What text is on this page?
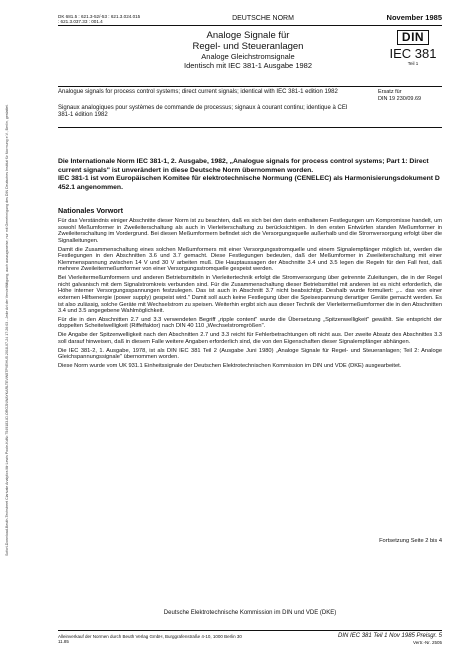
Sofort-Download-Beuth-Techstreet Clarivate Analytics Mr Lewis Poole-KdNr.7549183-ID.ORGZNWAYKARLTEVW8TPVEHU5.2018-07-24 17:26:03 - Jede Art der Vervielfältigung, auch auszugsweise, nur mit Genehmigung des DIN Deutsches Institut für Normung e.V., Berlin, gestattet.
DK 681.5 : 621.3-52/-53 : 621.3.024.015
: 621.3.037.33 : 001.4	DEUTSCHE NORM	November 1985
Analoge Signale für
Regel- und Steueranlagen
Analoge Gleichstromsignale
Identisch mit IEC 381-1 Ausgabe 1982
DIN
IEC 381
Teil 1
Analogue signals for process control systems; direct current signals; identical with IEC 381-1 edition 1982
Signaux analogiques pour systèmes de commande de processus; signaux à courant continu; identique à CEI 381-1 édition 1982
Ersatz für
DIN 19 230/09.69

Die Internationale Norm IEC 381-1, 2. Ausgabe, 1982, „Analogue signals for process control systems; Part 1: Direct current signals" ist unverändert in diese Deutsche Norm übernommen worden.

IEC 381-1 ist vom Europäischen Komitee für elektrotechnische Normung (CENELEC) als Harmonisierungsdokument D 452.1 angenommen.

Nationales Vorwort

Für das Verständnis einiger Abschnitte dieser Norm ist zu beachten, daß es sich bei den darin enthaltenen Festlegungen um Kompromisse handelt, um sowohl Meßumformer in Zweileiterschaltung als auch in Vierleiterschaltung zu berücksichtigen. In den ersten Entwürfen standen Meßumformer in Zweileiterschaltung im Vordergrund. Bei diesen Meßumformern befindet sich die Versorgungsquelle außerhalb und die Stromversorgung erfolgt über die Signalleitungen.

Damit die Zusammenschaltung eines solchen Meßumformers mit einer Versorgungsstromquelle und einem Signalempfänger möglich ist, werden die Festlegungen in den Abschnitten 3.6 und 3.7 gemacht. Diese Festlegungen bedeuten, daß der Meßumformer in Zweileiterschaltung mit einer Klemmenspannung zwischen 14 V und 30 V arbeiten muß. Die Hauptaussagen der Abschnitte 3.4 und 3.5 legen die Regeln für den Fall fest, daß mehrere Zweileitermeßumformer von einer Versorgungsstromquelle gespeist werden.

Bei Vierleitermeßumformern und anderen Betriebsmitteln in Vierleitertechnik erfolgt die Stromversorgung über getrennte Zuleitungen, die in der Regel nicht galvanisch mit dem Signalstromkreis verbunden sind. Für die Zusammenschaltung dieser Betriebsmittel mit anderen ist es nicht erforderlich, die Höhe interner Versorgungsspannungen festzulegen. Das ist auch in Abschnitt 3.7 nicht beabsichtigt. Deshalb wurde formuliert: „... das von einer externen Hilfsenergie (power supply) gespeist wird." Damit soll auch keine Festlegung über die Speisespannung derartiger Geräte gemacht werden. Es ist also zulässig, solche Geräte mit Wechselstrom zu speisen. Weiterhin ergibt sich aus dieser Technik der Vierleitermeßumformer die in den Abschnitten 3.4 und 3.5 angegebene Wahlmöglichkeit.

Für die in den Abschnitten 2.7 und 3.3 verwendeten Begriff „ripple content" wurde die Übersetzung „Spitzenwelligkeit" gewählt. Sie entspricht der doppelten Scheitelwelligkeit (Riffelfaktor) nach DIN 40 110 „Wechselstromgrößen".

Die Angabe der Spitzenwelligkeit nach den Abschnitten 2.7 und 3.3 reicht für Fehlerbetrachtungen oft nicht aus. Der zweite Absatz des Abschnittes 3.3 soll darauf hinweisen, daß in diesem Falle weitere Angaben erforderlich sind, die von den Eigenschaften dieser Signalempfänger abhängen.

Die IEC 381-2, 1. Ausgabe, 1978, ist als DIN IEC 381 Teil 2 (Ausgabe Juni 1980) „Analoge Signale für Regel- und Steueranlagen; Teil 2: Analoge Gleichspannungssignale" übernommen worden.

Diese Norm wurde vom UK 931.1 Einheitssignale der Deutschen Elektrotechnischen Kommission im DIN und VDE (DKE) ausgearbeitet.

Fortsetzung Seite 2 bis 4
Deutsche Elektrotechnische Kommission im DIN und VDE (DKE)
Alleinverkauf der Normen durch Beuth Verlag GmbH, Burggrafenstraße 4-10, 1000 Berlin 30
11.85
DIN IEC 381 Teil 1 Nov 1985 Preisgr. 5
Vertr.-Nr. 2505
